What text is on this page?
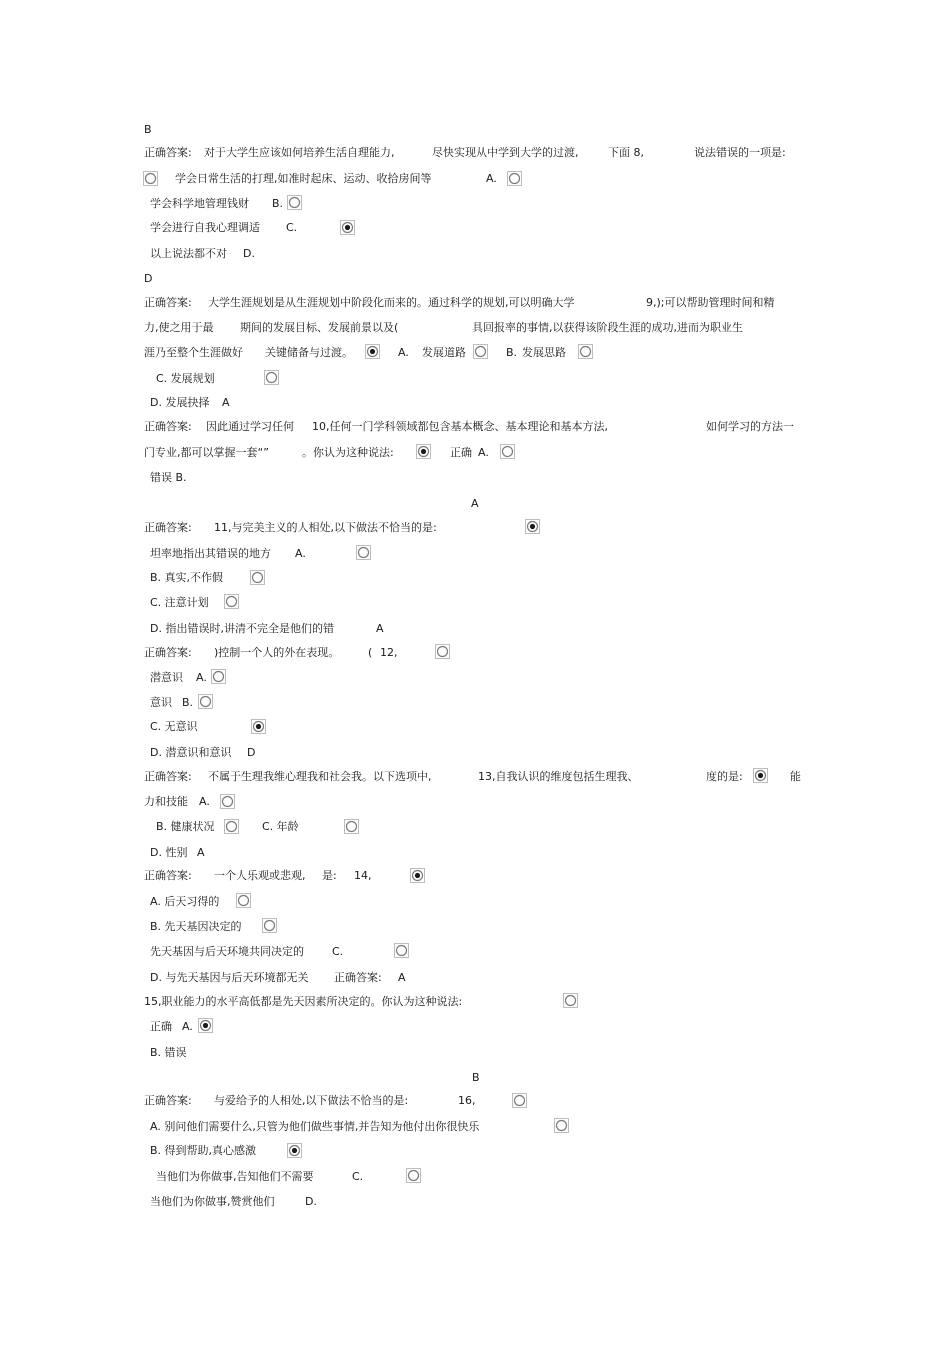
B
正确答案: 对于大学生应该如何培养生活自理能力,	尽快实现从中学到大学的过渡,	下面 8,	说法错误的一项是:
学会日常生活的打理,如准时起床、运动、收拾房间等	A.
学会科学地管理钱财 B.
学会进行自我心理调适 C.
以上说法都不对 D.
D
正确答案: 大学生涯规划是从生涯规划中阶段化而来的。通过科学的规划,可以明确大学	9,);可以帮助管理时间和精
力,使之用于最 期间的发展目标、发展前景以及(	具回报率的事情,以获得该阶段生涯的成功,进而为职业生
涯乃至整个生涯做好 关键储备与过渡。	A. 发展道路	B. 发展思路
C. 发展规划
D. 发展抉择 A
正确答案: 因此通过学习任何 10,任何一门学科领域都包含基本概念、基本理论和基本方法,	如何学习的方法一
门专业,都可以掌握一套“”	。你认为这种说法:	正确 A.
错误 B.
A
正确答案: 11,与完美主义的人相处,以下做法不恰当的是:
坦率地指出其错误的地方 A.
B. 真实,不作假
C. 注意计划
D. 指出错误时,讲清不完全是他们的错	A
正确答案: )控制一个人的外在表现。	( 12,
潜意识 A.
意识 B.
C. 无意识
D. 潜意识和意识 D
正确答案: 不属于生理我维心理我和社会我。以下选项中,	13,自我认识的维度包括生理我、	度的是:	能
力和技能 A.
B. 健康状况	C. 年龄
D. 性别 A
正确答案: 一个人乐观或悲观, 是: 14,
A. 后天习得的
B. 先天基因决定的
先天基因与后天环境共同决定的	C.
D. 与先天基因与后天环境都无关 正确答案: A
15,职业能力的水平高低都是先天因素所决定的。你认为这种说法:
正确 A.
B. 错误
B
正确答案: 与爱给予的人相处,以下做法不恰当的是:	16,
A. 别问他们需要什么,只管为他们做些事情,并告知为他付出你很快乐
B. 得到帮助,真心感激
当他们为你做事,告知他们不需要	C.
当他们为你做事,赞赏他们	D.
